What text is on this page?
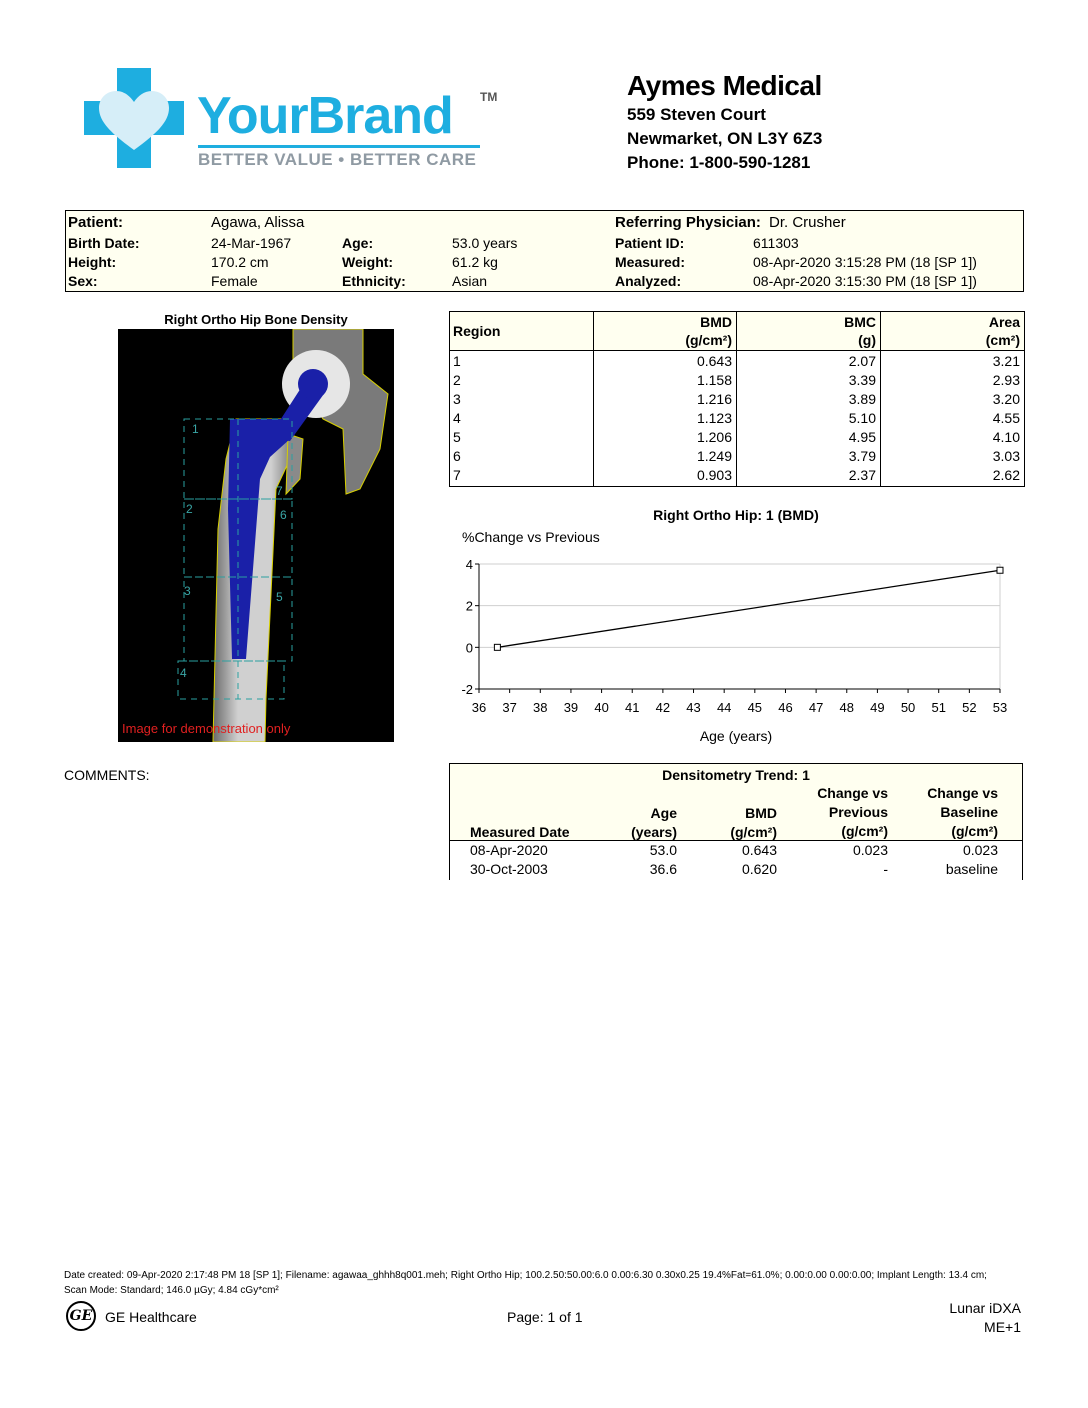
YourBrand TM
BETTER VALUE • BETTER CARE
Aymes Medical
559 Steven Court
Newmarket, ON L3Y 6Z3
Phone: 1-800-590-1281
Patient:	Agawa, Alissa
Birth Date:	24-Mar-1967
Height:	170.2 cm
Sex:	Female
Age:	53.0 years
Weight:	61.2 kg
Ethnicity:	Asian
Referring Physician: Dr. Crusher
Patient ID:	611303
Measured:	08-Apr-2020 3:15:28 PM (18 [SP 1])
Analyzed:	08-Apr-2020 3:15:30 PM (18 [SP 1])
Right Ortho Hip Bone Density
1
2
3
4
5
6
7
Image for demonstration only
Region
BMD
(g/cm²)
BMC
(g)
Area
(cm²)
1	0.643	2.07	3.21
2	1.158	3.39	2.93
3	1.216	3.89	3.20
4	1.123	5.10	4.55
5	1.206	4.95	4.10
6	1.249	3.79	3.03
7	0.903	2.37	2.62
Right Ortho Hip: 1 (BMD)
%Change vs Previous
-2
0
2
4
36 37 38 39 40 41 42 43 44 45 46 47 48 49 50 51 52 53
Age (years)
COMMENTS:	Densitometry Trend: 1
Measured Date
Age
(years)
BMD
(g/cm²)
Change vs
Previous
(g/cm²)
Change vs
Baseline
(g/cm²)
08-Apr-2020	53.0	0.643	0.023	0.023
30-Oct-2003	36.6	0.620	-	baseline
Date created: 09-Apr-2020 2:17:48 PM 18 [SP 1]; Filename: agawaa_ghhh8q001.meh; Right Ortho Hip; 100.2.50:50.00:6.0 0.00:6.30 0.30x0.25 19.4%Fat=61.0%; 0.00:0.00 0.00:0.00; Implant Length: 13.4 cm;
Scan Mode: Standard; 146.0 µGy; 4.84 cGy*cm²
GE GE Healthcare	Page: 1 of 1
Lunar iDXA
ME+1
